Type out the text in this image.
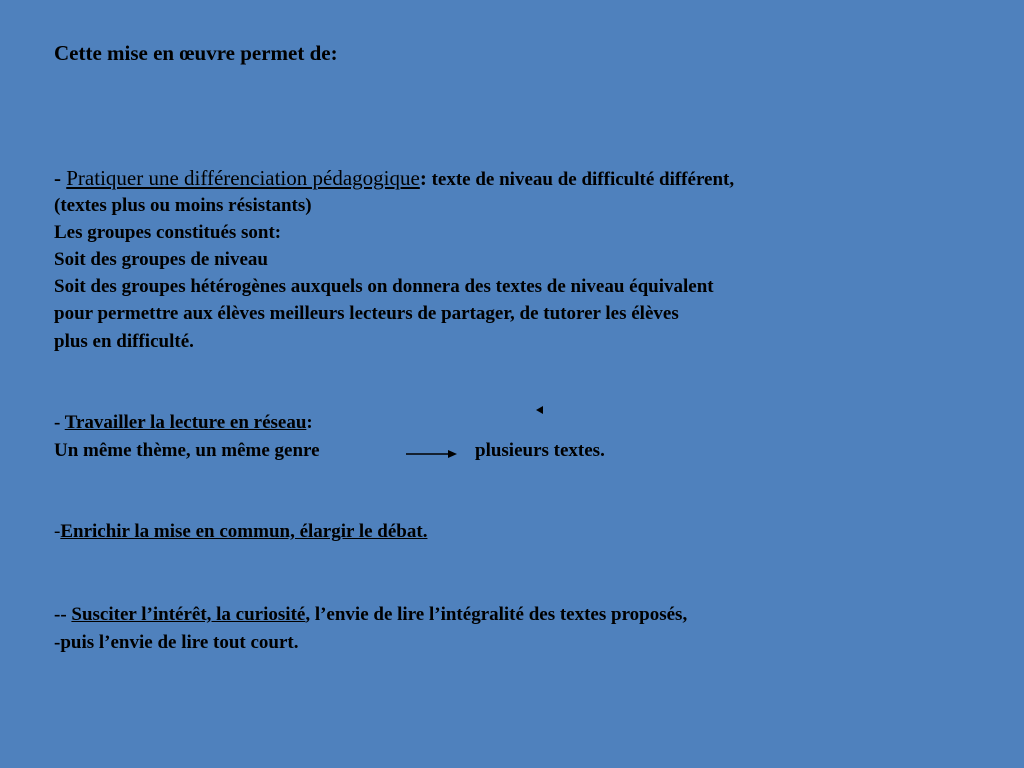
Cette mise en œuvre permet de:
- Pratiquer une différenciation pédagogique: texte de niveau de difficulté différent,
(textes plus ou moins résistants)
Les groupes constitués sont:
Soit des groupes de niveau
Soit des groupes hétérogènes auxquels on donnera des textes de niveau équivalent
pour permettre aux élèves meilleurs lecteurs de partager, de tutorer les élèves
plus en difficulté.
- Travailler la lecture en réseau:
Un même thème, un même genre	plusieurs textes.
-Enrichir la mise en commun, élargir le débat.
-- Susciter l’intérêt, la curiosité, l’envie de lire l’intégralité des textes proposés,
-puis l’envie de lire tout court.
